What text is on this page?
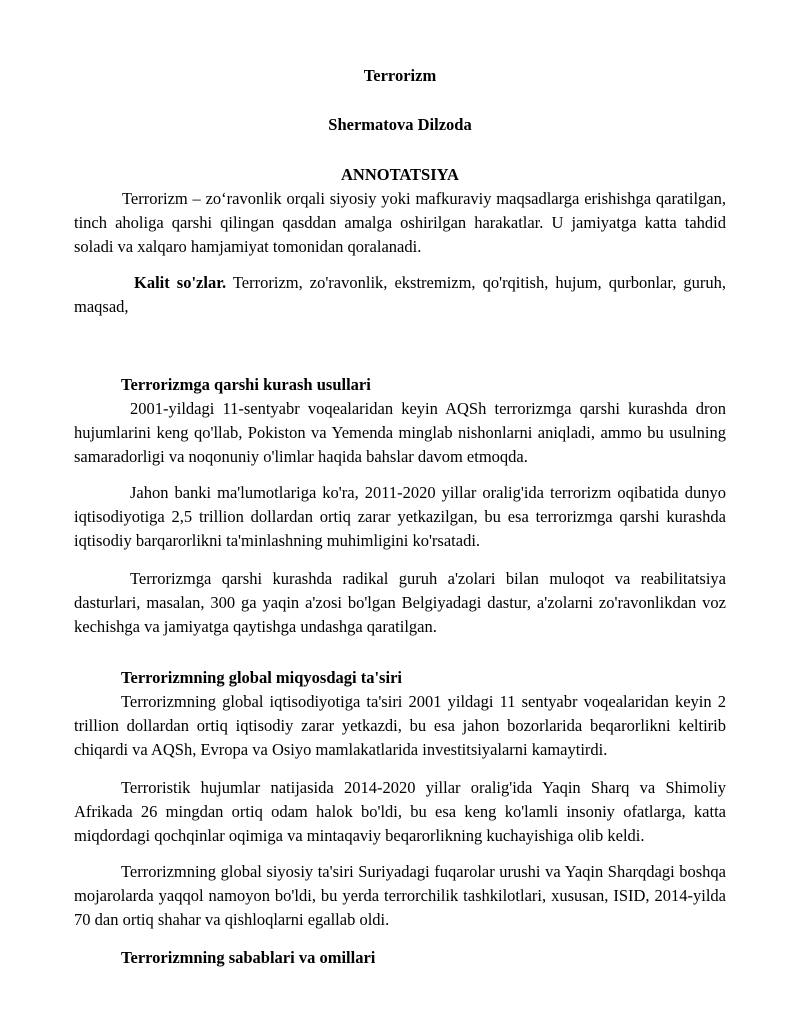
Terrorizm

Shermatova Dilzoda

ANNOTATSIYA

Terrorizm – zo‘ravonlik orqali siyosiy yoki mafkuraviy maqsadlarga erishishga qaratilgan, tinch aholiga qarshi qilingan qasddan amalga oshirilgan harakatlar. U jamiyatga katta tahdid soladi va xalqaro hamjamiyat tomonidan qoralanadi.

Kalit so'zlar. Terrorizm, zo'ravonlik, ekstremizm, qo'rqitish, hujum, qurbonlar, guruh, maqsad,

Terrorizmga qarshi kurash usullari

2001-yildagi 11-sentyabr voqealaridan keyin AQSh terrorizmga qarshi kurashda dron hujumlarini keng qo'llab, Pokiston va Yemenda minglab nishonlarni aniqladi, ammo bu usulning samaradorligi va noqonuniy o'limlar haqida bahslar davom etmoqda.

Jahon banki ma'lumotlariga ko'ra, 2011-2020 yillar oralig'ida terrorizm oqibatida dunyo iqtisodiyotiga 2,5 trillion dollardan ortiq zarar yetkazilgan, bu esa terrorizmga qarshi kurashda iqtisodiy barqarorlikni ta'minlashning muhimligini ko'rsatadi.

Terrorizmga qarshi kurashda radikal guruh a'zolari bilan muloqot va reabilitatsiya dasturlari, masalan, 300 ga yaqin a'zosi bo'lgan Belgiyadagi dastur, a'zolarni zo'ravonlikdan voz kechishga va jamiyatga qaytishga undashga qaratilgan.

Terrorizmning global miqyosdagi ta'siri

Terrorizmning global iqtisodiyotiga ta'siri 2001 yildagi 11 sentyabr voqealaridan keyin 2 trillion dollardan ortiq iqtisodiy zarar yetkazdi, bu esa jahon bozorlarida beqarorlikni keltirib chiqardi va AQSh, Evropa va Osiyo mamlakatlarida investitsiyalarni kamaytirdi.

Terroristik hujumlar natijasida 2014-2020 yillar oralig'ida Yaqin Sharq va Shimoliy Afrikada 26 mingdan ortiq odam halok bo'ldi, bu esa keng ko'lamli insoniy ofatlarga, katta miqdordagi qochqinlar oqimiga va mintaqaviy beqarorlikning kuchayishiga olib keldi.

Terrorizmning global siyosiy ta'siri Suriyadagi fuqarolar urushi va Yaqin Sharqdagi boshqa mojarolarda yaqqol namoyon bo'ldi, bu yerda terrorchilik tashkilotlari, xususan, ISID, 2014-yilda 70 dan ortiq shahar va qishloqlarni egallab oldi.

Terrorizmning sabablari va omillari
